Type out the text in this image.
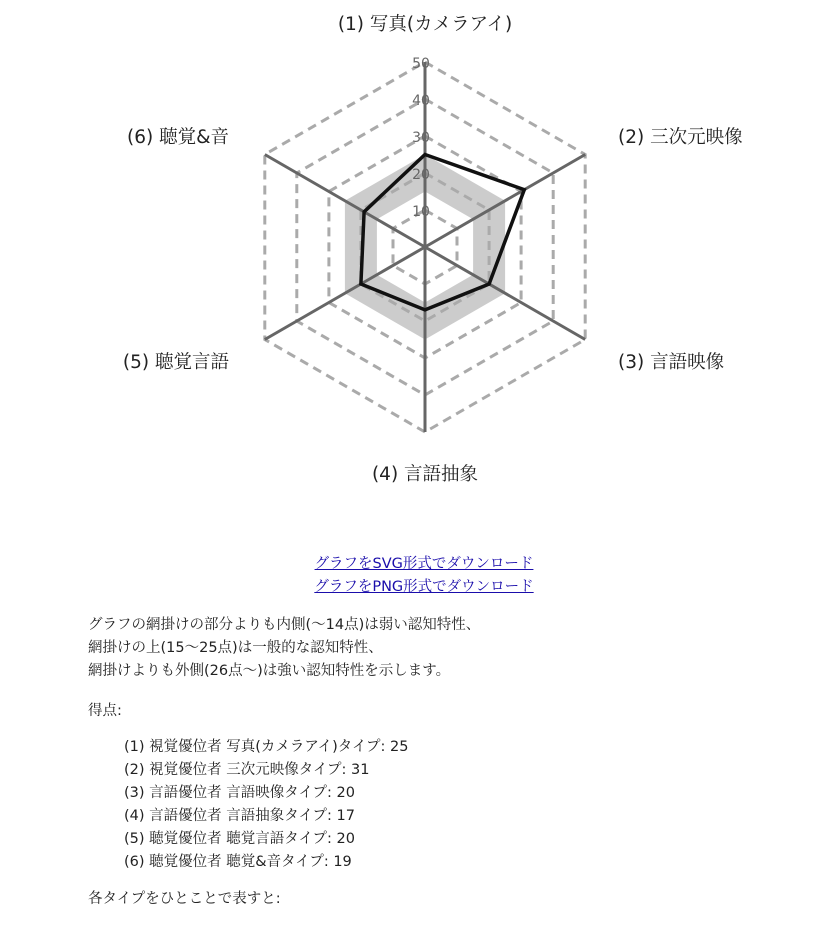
10
20
30
40
50
(1) 写真(カメラアイ)
(2) 三次元映像
(3) 言語映像
(4) 言語抽象
(5) 聴覚言語
(6) 聴覚&音
グラフをSVG形式でダウンロード
グラフをPNG形式でダウンロード

グラフの網掛けの部分よりも内側(〜14点)は弱い認知特性、

網掛けの上(15〜25点)は一般的な認知特性、

網掛けよりも外側(26点〜)は強い認知特性を示します。

得点:
(1) 視覚優位者 写真(カメラアイ)タイプ: 25
(2) 視覚優位者 三次元映像タイプ: 31
(3) 言語優位者 言語映像タイプ: 20
(4) 言語優位者 言語抽象タイプ: 17
(5) 聴覚優位者 聴覚言語タイプ: 20
(6) 聴覚優位者 聴覚&音タイプ: 19
各タイプをひとことで表すと:
